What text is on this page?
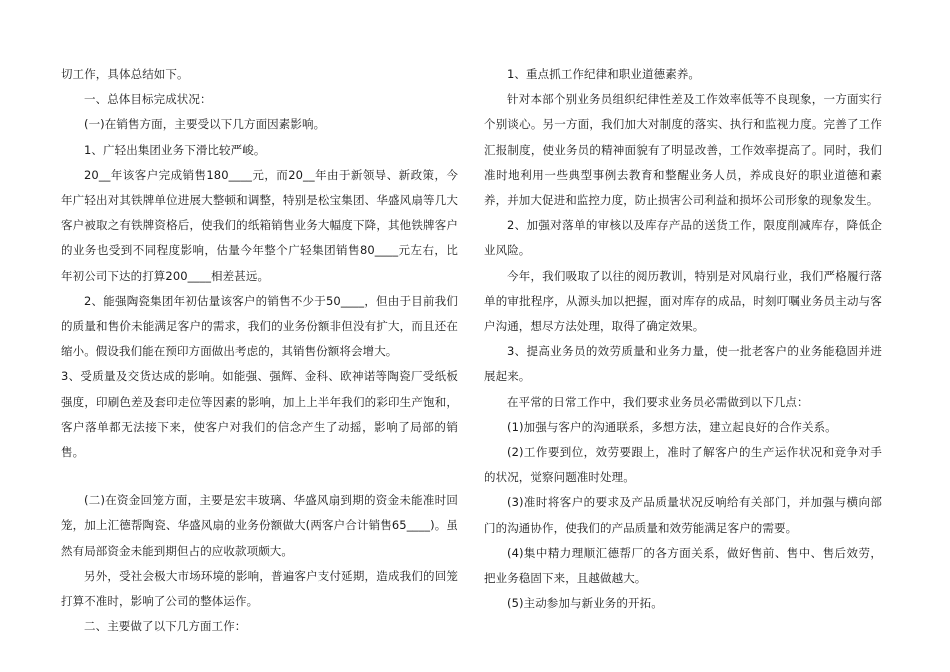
切工作，具体总结如下。

一、总体目标完成状况：

(一)在销售方面，主要受以下几方面因素影响。

1、广轻出集团业务下滑比较严峻。

20__年该客户完成销售180____元，而20__年由于新领导、新政策，今年广轻出对其铁牌单位进展大整顿和调整，特别是松宝集团、华盛风扇等几大客户被取之有铁牌资格后，使我们的纸箱销售业务大幅度下降，其他铁牌客户的业务也受到不同程度影响，估量今年整个广轻集团销售80____元左右，比年初公司下达的打算200____相差甚远。

2、能强陶瓷集团年初估量该客户的销售不少于50____，但由于目前我们的质量和售价未能满足客户的需求，我们的业务份额非但没有扩大，而且还在缩小。假设我们能在预印方面做出考虑的，其销售份额将会增大。

3、受质量及交货达成的影响。如能强、强辉、金科、欧神诺等陶瓷厂受纸板强度，印刷色差及套印走位等因素的影响，加上上半年我们的彩印生产饱和，客户落单都无法接下来，使客户对我们的信念产生了动摇，影响了局部的销售。

(二)在资金回笼方面，主要是宏丰玻璃、华盛风扇到期的资金未能准时回笼，加上汇德帮陶瓷、华盛风扇的业务份额做大(两客户合计销售65____)。虽然有局部资金未能到期但占的应收款项颇大。

另外，受社会极大市场环境的影响，普遍客户支付延期，造成我们的回笼打算不准时，影响了公司的整体运作。

二、主要做了以下几方面工作：

1、重点抓工作纪律和职业道德素养。

针对本部个别业务员组织纪律性差及工作效率低等不良现象，一方面实行个别谈心。另一方面，我们加大对制度的落实、执行和监视力度。完善了工作汇报制度，使业务员的精神面貌有了明显改善，工作效率提高了。同时，我们准时地利用一些典型事例去教育和整醒业务人员，养成良好的职业道德和素养，并加大促进和监控力度，防止损害公司利益和损坏公司形象的现象发生。

2、加强对落单的审核以及库存产品的送货工作，限度削减库存，降低企业风险。

今年，我们吸取了以往的阅历教训，特别是对风扇行业，我们严格履行落单的审批程序，从源头加以把握，面对库存的成品，时刻叮嘱业务员主动与客户沟通，想尽方法处理，取得了确定效果。

3、提高业务员的效劳质量和业务力量，使一批老客户的业务能稳固并进展起来。

在平常的日常工作中，我们要求业务员必需做到以下几点：

(1)加强与客户的沟通联系，多想方法，建立起良好的合作关系。

(2)工作要到位，效劳要跟上，准时了解客户的生产运作状况和竞争对手的状况，觉察问题准时处理。

(3)准时将客户的要求及产品质量状况反响给有关部门，并加强与横向部门的沟通协作，使我们的产品质量和效劳能满足客户的需要。

(4)集中精力理顺汇德帮厂的各方面关系，做好售前、售中、售后效劳，把业务稳固下来，且越做越大。

(5)主动参加与新业务的开拓。
